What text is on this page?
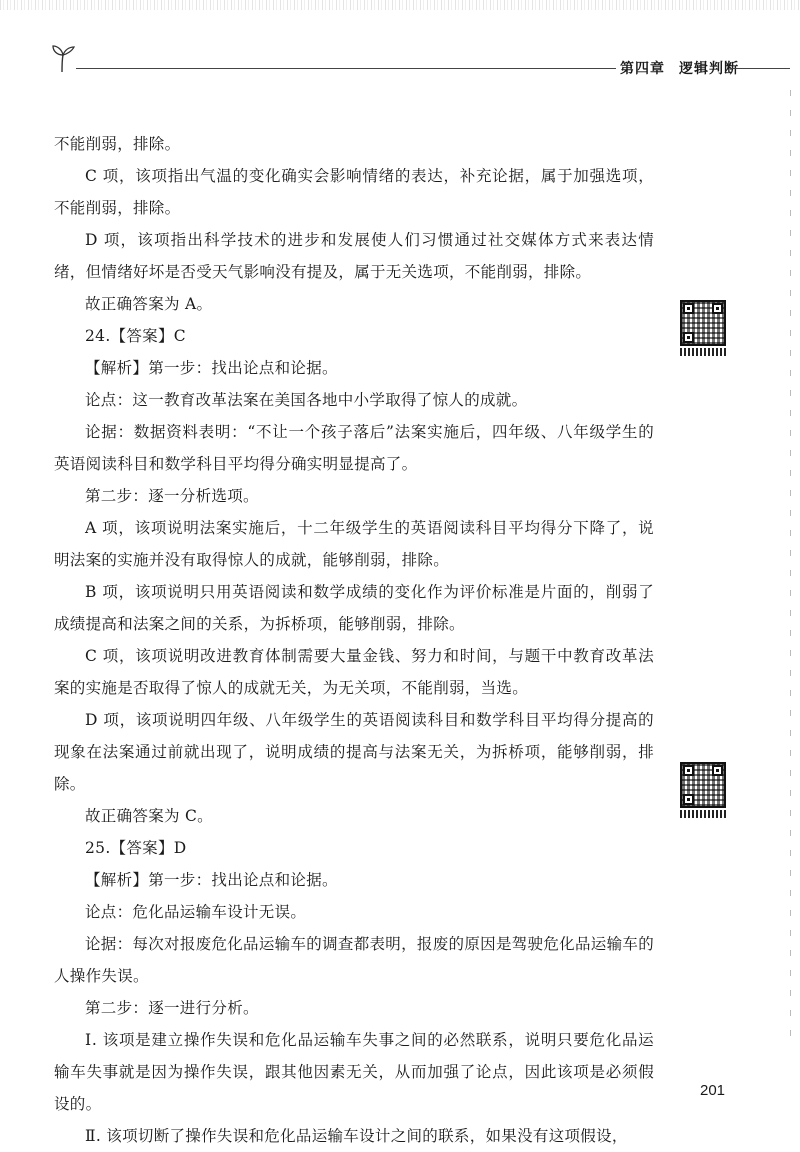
第四章 逻辑判断

不能削弱，排除。

C 项，该项指出气温的变化确实会影响情绪的表达，补充论据，属于加强选项，不能削弱，排除。

D 项，该项指出科学技术的进步和发展使人们习惯通过社交媒体方式来表达情绪，但情绪好坏是否受天气影响没有提及，属于无关选项，不能削弱，排除。

故正确答案为 A。

24.【答案】C

【解析】第一步：找出论点和论据。

论点：这一教育改革法案在美国各地中小学取得了惊人的成就。

论据：数据资料表明：“不让一个孩子落后”法案实施后，四年级、八年级学生的英语阅读科目和数学科目平均得分确实明显提高了。

第二步：逐一分析选项。

A 项，该项说明法案实施后，十二年级学生的英语阅读科目平均得分下降了，说明法案的实施并没有取得惊人的成就，能够削弱，排除。

B 项，该项说明只用英语阅读和数学成绩的变化作为评价标准是片面的，削弱了成绩提高和法案之间的关系，为拆桥项，能够削弱，排除。

C 项，该项说明改进教育体制需要大量金钱、努力和时间，与题干中教育改革法案的实施是否取得了惊人的成就无关，为无关项，不能削弱，当选。

D 项，该项说明四年级、八年级学生的英语阅读科目和数学科目平均得分提高的现象在法案通过前就出现了，说明成绩的提高与法案无关，为拆桥项，能够削弱，排除。

故正确答案为 C。

25.【答案】D

【解析】第一步：找出论点和论据。

论点：危化品运输车设计无误。

论据：每次对报废危化品运输车的调查都表明，报废的原因是驾驶危化品运输车的人操作失误。

第二步：逐一进行分析。

Ⅰ. 该项是建立操作失误和危化品运输车失事之间的必然联系，说明只要危化品运输车失事就是因为操作失误，跟其他因素无关，从而加强了论点，因此该项是必须假设的。

Ⅱ. 该项切断了操作失误和危化品运输车设计之间的联系，如果没有这项假设，

201
